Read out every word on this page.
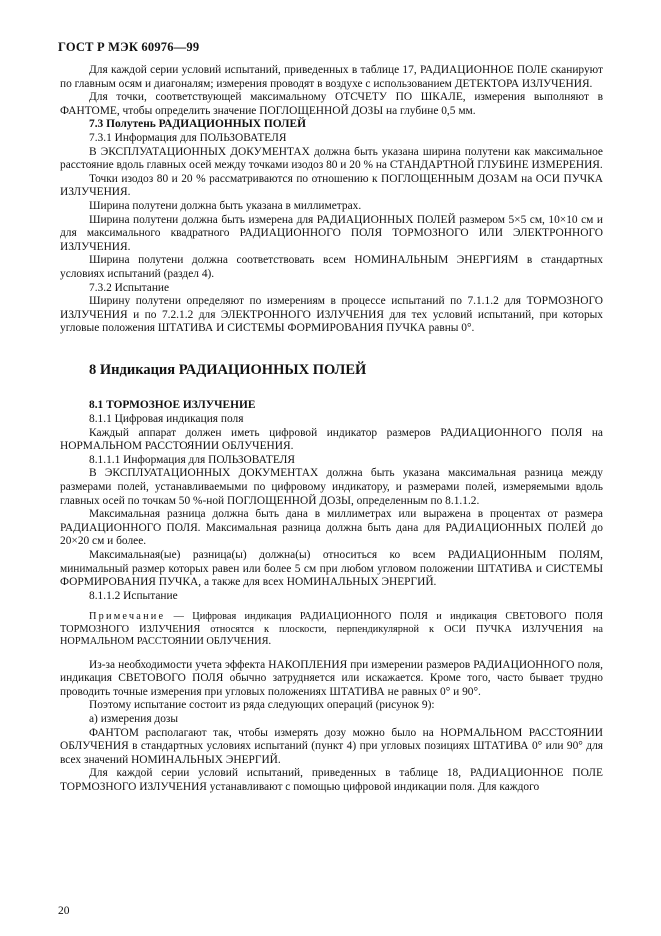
ГОСТ Р МЭК 60976—99

Для каждой серии условий испытаний, приведенных в таблице 17, РАДИАЦИОННОЕ ПОЛЕ сканируют по главным осям и диагоналям; измерения проводят в воздухе с использованием ДЕТЕКТОРА ИЗЛУЧЕНИЯ.

Для точки, соответствующей максимальному ОТСЧЕТУ ПО ШКАЛЕ, измерения выполняют в ФАНТОМЕ, чтобы определить значение ПОГЛОЩЕННОЙ ДОЗЫ на глубине 0,5 мм.

7.3 Полутень РАДИАЦИОННЫХ ПОЛЕЙ

7.3.1 Информация для ПОЛЬЗОВАТЕЛЯ

В ЭКСПЛУАТАЦИОННЫХ ДОКУМЕНТАХ должна быть указана ширина полутени как максимальное расстояние вдоль главных осей между точками изодоз 80 и 20 % на СТАНДАРТНОЙ ГЛУБИНЕ ИЗМЕРЕНИЯ.

Точки изодоз 80 и 20 % рассматриваются по отношению к ПОГЛОЩЕННЫМ ДОЗАМ на ОСИ ПУЧКА ИЗЛУЧЕНИЯ.

Ширина полутени должна быть указана в миллиметрах.

Ширина полутени должна быть измерена для РАДИАЦИОННЫХ ПОЛЕЙ размером 5×5 см, 10×10 см и для максимального квадратного РАДИАЦИОННОГО ПОЛЯ ТОРМОЗНОГО ИЛИ ЭЛЕКТРОННОГО ИЗЛУЧЕНИЯ.

Ширина полутени должна соответствовать всем НОМИНАЛЬНЫМ ЭНЕРГИЯМ в стандартных условиях испытаний (раздел 4).

7.3.2 Испытание

Ширину полутени определяют по измерениям в процессе испытаний по 7.1.1.2 для ТОРМОЗНОГО ИЗЛУЧЕНИЯ и по 7.2.1.2 для ЭЛЕКТРОННОГО ИЗЛУЧЕНИЯ для тех условий испытаний, при которых угловые положения ШТАТИВА И СИСТЕМЫ ФОРМИРОВАНИЯ ПУЧКА равны 0°.

8 Индикация РАДИАЦИОННЫХ ПОЛЕЙ

8.1 ТОРМОЗНОЕ ИЗЛУЧЕНИЕ

8.1.1 Цифровая индикация поля

Каждый аппарат должен иметь цифровой индикатор размеров РАДИАЦИОННОГО ПОЛЯ на НОРМАЛЬНОМ РАССТОЯНИИ ОБЛУЧЕНИЯ.

8.1.1.1 Информация для ПОЛЬЗОВАТЕЛЯ

В ЭКСПЛУАТАЦИОННЫХ ДОКУМЕНТАХ должна быть указана максимальная разница между размерами полей, устанавливаемыми по цифровому индикатору, и размерами полей, измеряемыми вдоль главных осей по точкам 50 %-ной ПОГЛОЩЕННОЙ ДОЗЫ, определенным по 8.1.1.2.

Максимальная разница должна быть дана в миллиметрах или выражена в процентах от размера РАДИАЦИОННОГО ПОЛЯ. Максимальная разница должна быть дана для РАДИАЦИОННЫХ ПОЛЕЙ до 20×20 см и более.

Максимальная(ые) разница(ы) должна(ы) относиться ко всем РАДИАЦИОННЫМ ПОЛЯМ, минимальный размер которых равен или более 5 см при любом угловом положении ШТАТИВА и СИСТЕМЫ ФОРМИРОВАНИЯ ПУЧКА, а также для всех НОМИНАЛЬНЫХ ЭНЕРГИЙ.

8.1.1.2 Испытание

Примечание — Цифровая индикация РАДИАЦИОННОГО ПОЛЯ и индикация СВЕТОВОГО ПОЛЯ ТОРМОЗНОГО ИЗЛУЧЕНИЯ относятся к плоскости, перпендикулярной к ОСИ ПУЧКА ИЗЛУЧЕНИЯ на НОРМАЛЬНОМ РАССТОЯНИИ ОБЛУЧЕНИЯ.

Из-за необходимости учета эффекта НАКОПЛЕНИЯ при измерении размеров РАДИАЦИОННОГО поля, индикация СВЕТОВОГО ПОЛЯ обычно затрудняется или искажается. Кроме того, часто бывает трудно проводить точные измерения при угловых положениях ШТАТИВА не равных 0° и 90°.

Поэтому испытание состоит из ряда следующих операций (рисунок 9):

а) измерения дозы

ФАНТОМ располагают так, чтобы измерять дозу можно было на НОРМАЛЬНОМ РАССТОЯНИИ ОБЛУЧЕНИЯ в стандартных условиях испытаний (пункт 4) при угловых позициях ШТАТИВА 0° или 90° для всех значений НОМИНАЛЬНЫХ ЭНЕРГИЙ.

Для каждой серии условий испытаний, приведенных в таблице 18, РАДИАЦИОННОЕ ПОЛЕ ТОРМОЗНОГО ИЗЛУЧЕНИЯ устанавливают с помощью цифровой индикации поля. Для каждого

20
